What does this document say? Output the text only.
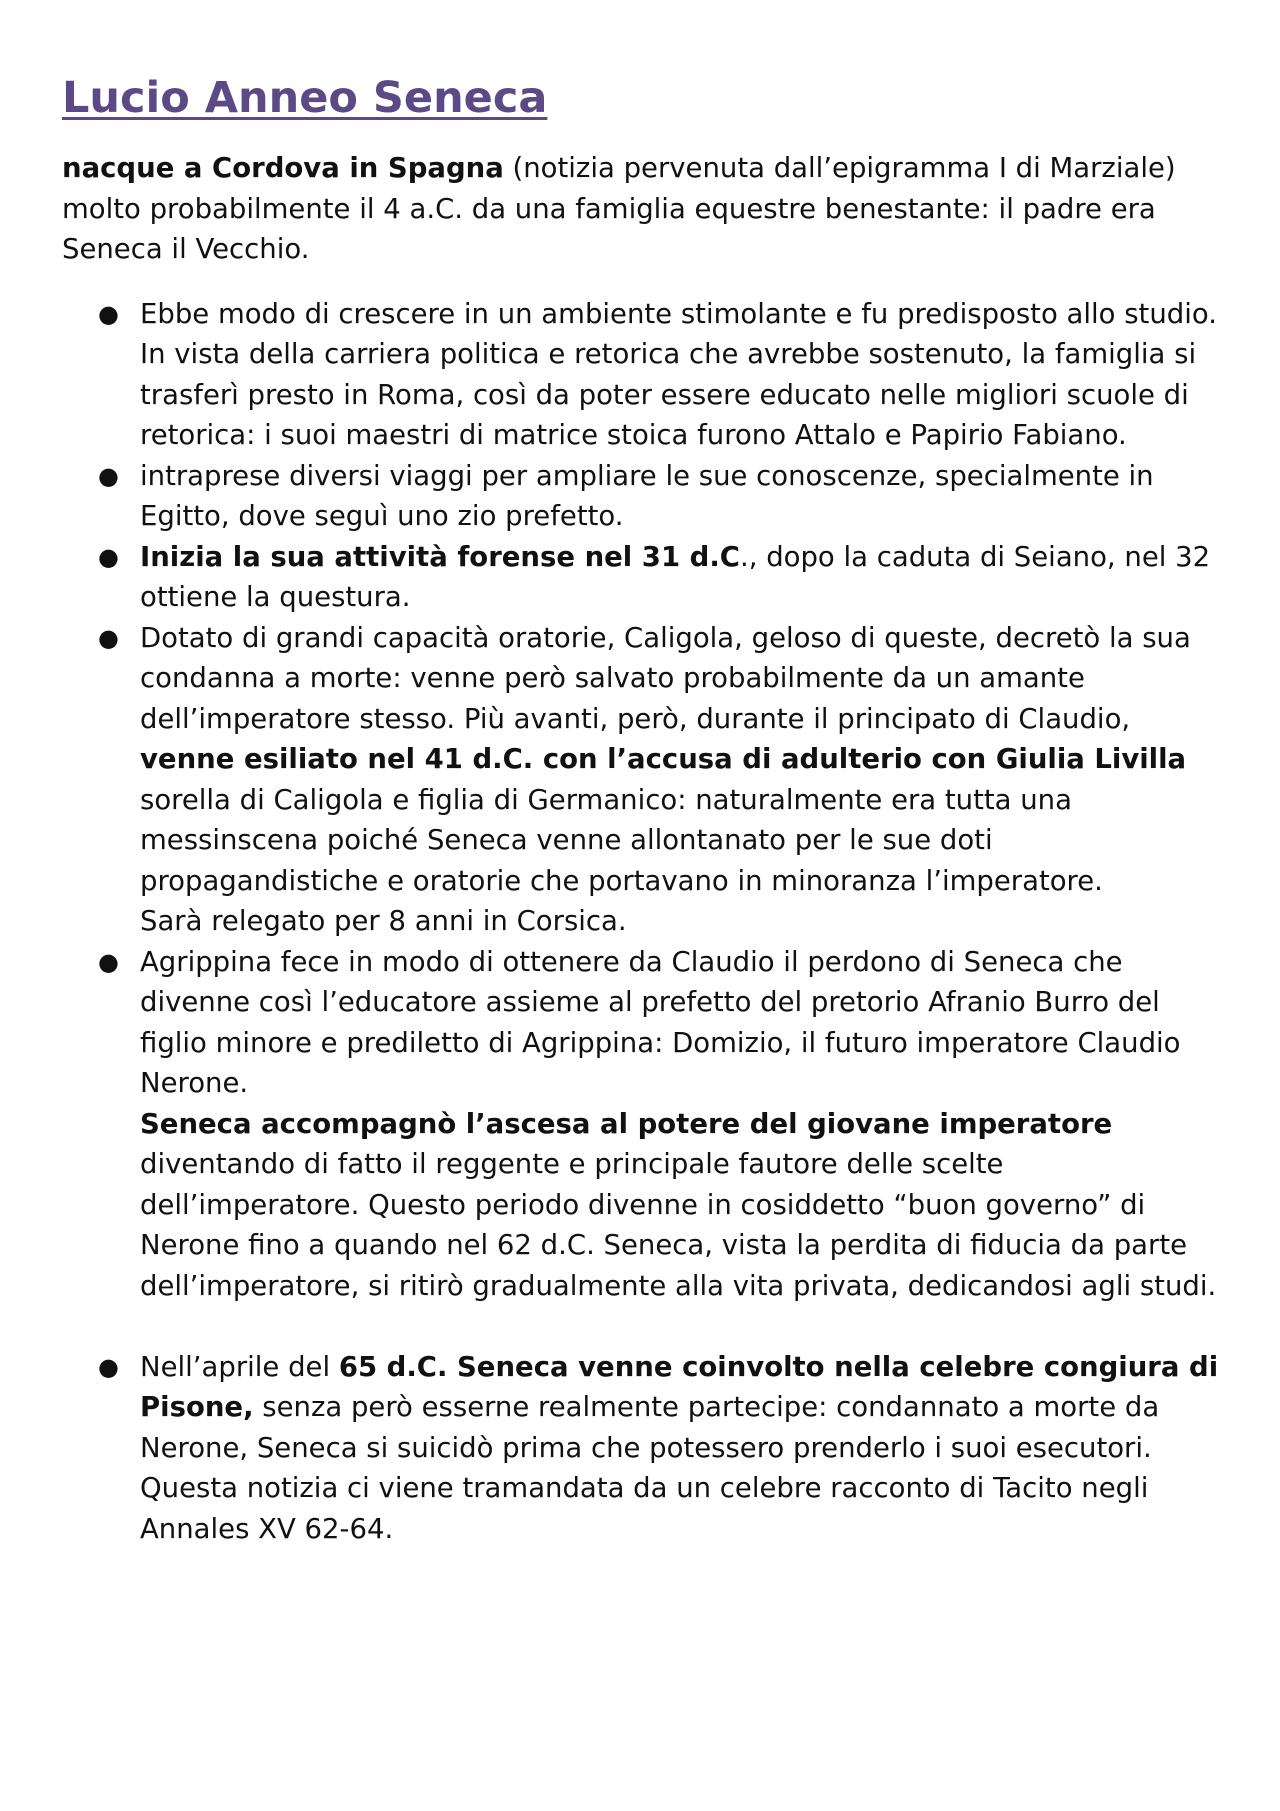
Lucio Anneo Seneca

nacque a Cordova in Spagna (notizia pervenuta dall’epigramma I di Marziale) molto probabilmente il 4 a.C. da una famiglia equestre benestante: il padre era Seneca il Vecchio.

● Ebbe modo di crescere in un ambiente stimolante e fu predisposto allo studio. In vista della carriera politica e retorica che avrebbe sostenuto, la famiglia si trasferì presto in Roma, così da poter essere educato nelle migliori scuole di retorica: i suoi maestri di matrice stoica furono Attalo e Papirio Fabiano.
● intraprese diversi viaggi per ampliare le sue conoscenze, specialmente in Egitto, dove seguì uno zio prefetto.
● Inizia la sua attività forense nel 31 d.C., dopo la caduta di Seiano, nel 32 ottiene la questura.
● Dotato di grandi capacità oratorie, Caligola, geloso di queste, decretò la sua condanna a morte: venne però salvato probabilmente da un amante dell’imperatore stesso. Più avanti, però, durante il principato di Claudio, venne esiliato nel 41 d.C. con l’accusa di adulterio con Giulia Livilla sorella di Caligola e figlia di Germanico: naturalmente era tutta una messinscena poiché Seneca venne allontanato per le sue doti propagandistiche e oratorie che portavano in minoranza l’imperatore.
Sarà relegato per 8 anni in Corsica.
● Agrippina fece in modo di ottenere da Claudio il perdono di Seneca che divenne così l’educatore assieme al prefetto del pretorio Afranio Burro del figlio minore e prediletto di Agrippina: Domizio, il futuro imperatore Claudio Nerone.
Seneca accompagnò l’ascesa al potere del giovane imperatore diventando di fatto il reggente e principale fautore delle scelte dell’imperatore. Questo periodo divenne in cosiddetto “buon governo” di Nerone fino a quando nel 62 d.C. Seneca, vista la perdita di fiducia da parte dell’imperatore, si ritirò gradualmente alla vita privata, dedicandosi agli studi.
● Nell’aprile del 65 d.C. Seneca venne coinvolto nella celebre congiura di Pisone, senza però esserne realmente partecipe: condannato a morte da Nerone, Seneca si suicidò prima che potessero prenderlo i suoi esecutori. Questa notizia ci viene tramandata da un celebre racconto di Tacito negli Annales XV 62-64.
